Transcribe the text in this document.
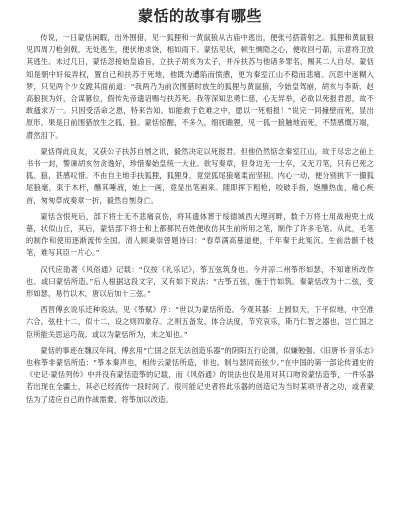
蒙恬的故事有哪些

传说，一日蒙恬闲暇，出外围猎，见一狐狸和一黄鼠狼从古庙中逃出，便张弓搭箭射之。狐狸和黄鼠狼见四周刀枪剑戟，无处逃生，便伏地求饶，相如雨下。蒙恬见状，顿生恻隐之心，便收回弓箭，示意将卫放其逃生。未过几日，蒙恬忽接始皇谕旨，立扶子胡亥为太子，并斥扶苏与他诸多罪名，赐其二人自尽。蒙恬知是朝中奸佞弄权，置自己和扶苏于死地，他既为遭陷而愤懑，更为秦室江山不稳而悲痛。沉思中迷糊入梦，只见两个少女跪其面前道：“我两乃为前次围猎时放生的狐狸与黄鼠狼，今始皇驾崩，胡亥与李斯、赵高狼狈为奸，合谋篡位，假传先帝遗诏赐与扶苏死。我等深知忠勇仁慈，心无异举，必欲以死报君恩，故不敢搔求万一。只因受活命之恩，特来告知。如能救于危难之中，愿以一死相报！”说完一同撞壁而死，显出原形，果是日前围猎放生之狐、狼。蒙恬惊醒，不多久，细抚瞻狸，见一狐一狼触地而死，不禁感慨万端，潸然泪下。

蒙恬得此良友，又获公子扶苏自刎之讯，毅然决定以死报君。但他仍然惦念秦室江山，故于尽忠之前上书书一封，警谏胡亥勿贪逸好，珍惜秦始皇统一大业。欲写奏章，但身边无一士卒，又无刀笔，只有已死之狐、狼，甚感叹惜。不由自主地手扶狐狸，狐狸身，竟觉狐尾狼毫柔而坚韧。内心一动，便分别挑下一撮狐尾狼毫，束于木杆，醮其唾液，她上一画，竟显出笔画来。随即挥下粗枪，咬破手指，饱醮热血，痛心疾首，匆匆草成奏章一折，毅然自刎身亡。

蒙恬含恨死后，部下将士无不悲痛哀伤，将其遗体葬于绥德城西大理河畔，数千万将士用战袍兜土成墓，状似山丘，其后，蒙恬部下将士和上都都民百姓便收仿其生前所用之笔，制作了许多毛笔。从此，毛笔的制作和使用逐渐流传全国。清人顾秉崇曾题诗曰：“春草满高墓道便，千年秦于此冤沉。生前浩骸千枝笔，难写其臣一片心。”

汉代应劭著《风俗通》记载：“仅按《礼乐记》，筝五弦筑身也。今并凉二州筝形如瑟，不知谁所改作也。或曰蒙恬所造。”后人根据这段文字，又有如下说法：“古筝五弦，施于竹如筑。秦蒙恬改为十二弦，变形如瑟，易竹以木，唐以后加十三弦。”

西晋傅玄说乐迁种说法，见《筝赋》序：“世以为蒙恬所造。今观其器：上圆似天，下平似地，中空准六合，弦柱十二，似十二，设之则四象存。之则五备发，体合法度，节究哀乐，斯乃仁智之器也，岂亡国之臣所能关思运巧哉。或以为蒙恬所为，未之知也。”

蒙恬的事迹在魏汉年间，傅玄用“亡国之臣无法创造乐器”的阴阳五行论调，似嫌勉强。《旧唐书·音乐志》也称筝非蒙恬所造：“筝本秦声也，相传云蒙恬所造，非也。制与瑟同而弦少。”在中国的第一部论传通史的《史记·蒙恬列传》中并没有蒙恬造筝的记载，而《风俗通》的说法也仅是用对其口吻说蒙恬造筝，一件乐器若出现在全疆土，其必已经流传一段时间了。很可能记史者将此乐器的创造记为当时某项寻者之功，或者蒙恬为了适应自己的作战需要，将筝加以改造。
